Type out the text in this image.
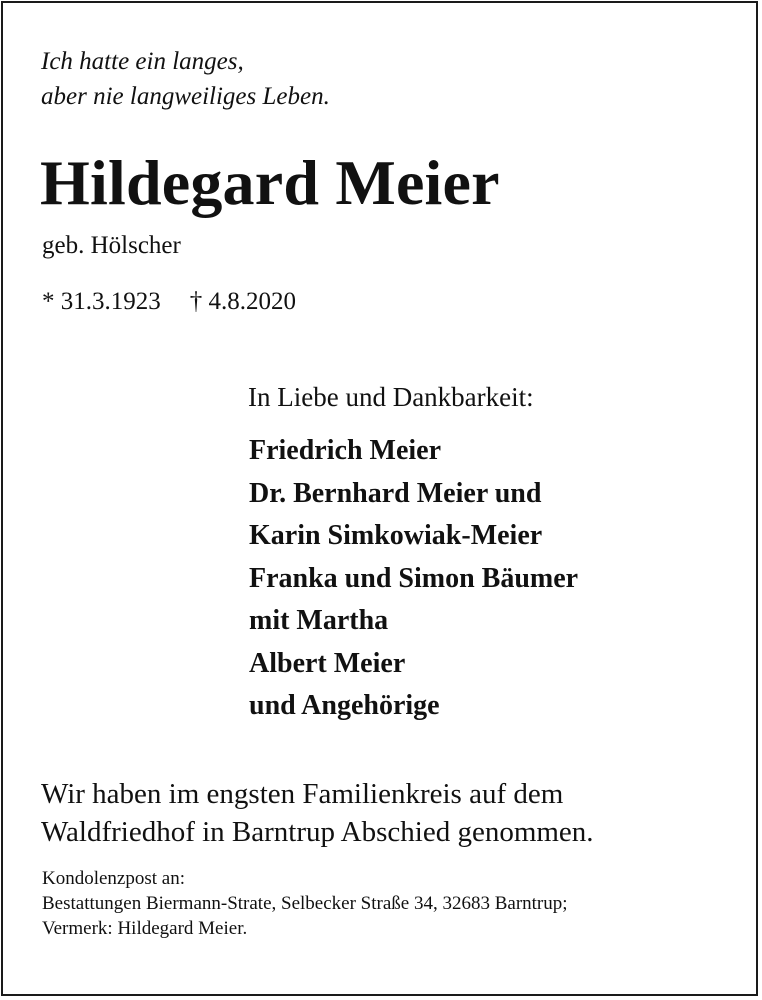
Ich hatte ein langes,
aber nie langweiliges Leben.

Hildegard Meier
geb. Hölscher
* 31.3.1923 † 4.8.2020
In Liebe und Dankbarkeit:
Friedrich Meier
Dr. Bernhard Meier und
Karin Simkowiak-Meier
Franka und Simon Bäumer
mit Martha
Albert Meier
und Angehörige

Wir haben im engsten Familienkreis auf dem
Waldfriedhof in Barntrup Abschied genommen.

Kondolenzpost an:
Bestattungen Biermann-Strate, Selbecker Straße 34, 32683 Barntrup;
Vermerk: Hildegard Meier.
